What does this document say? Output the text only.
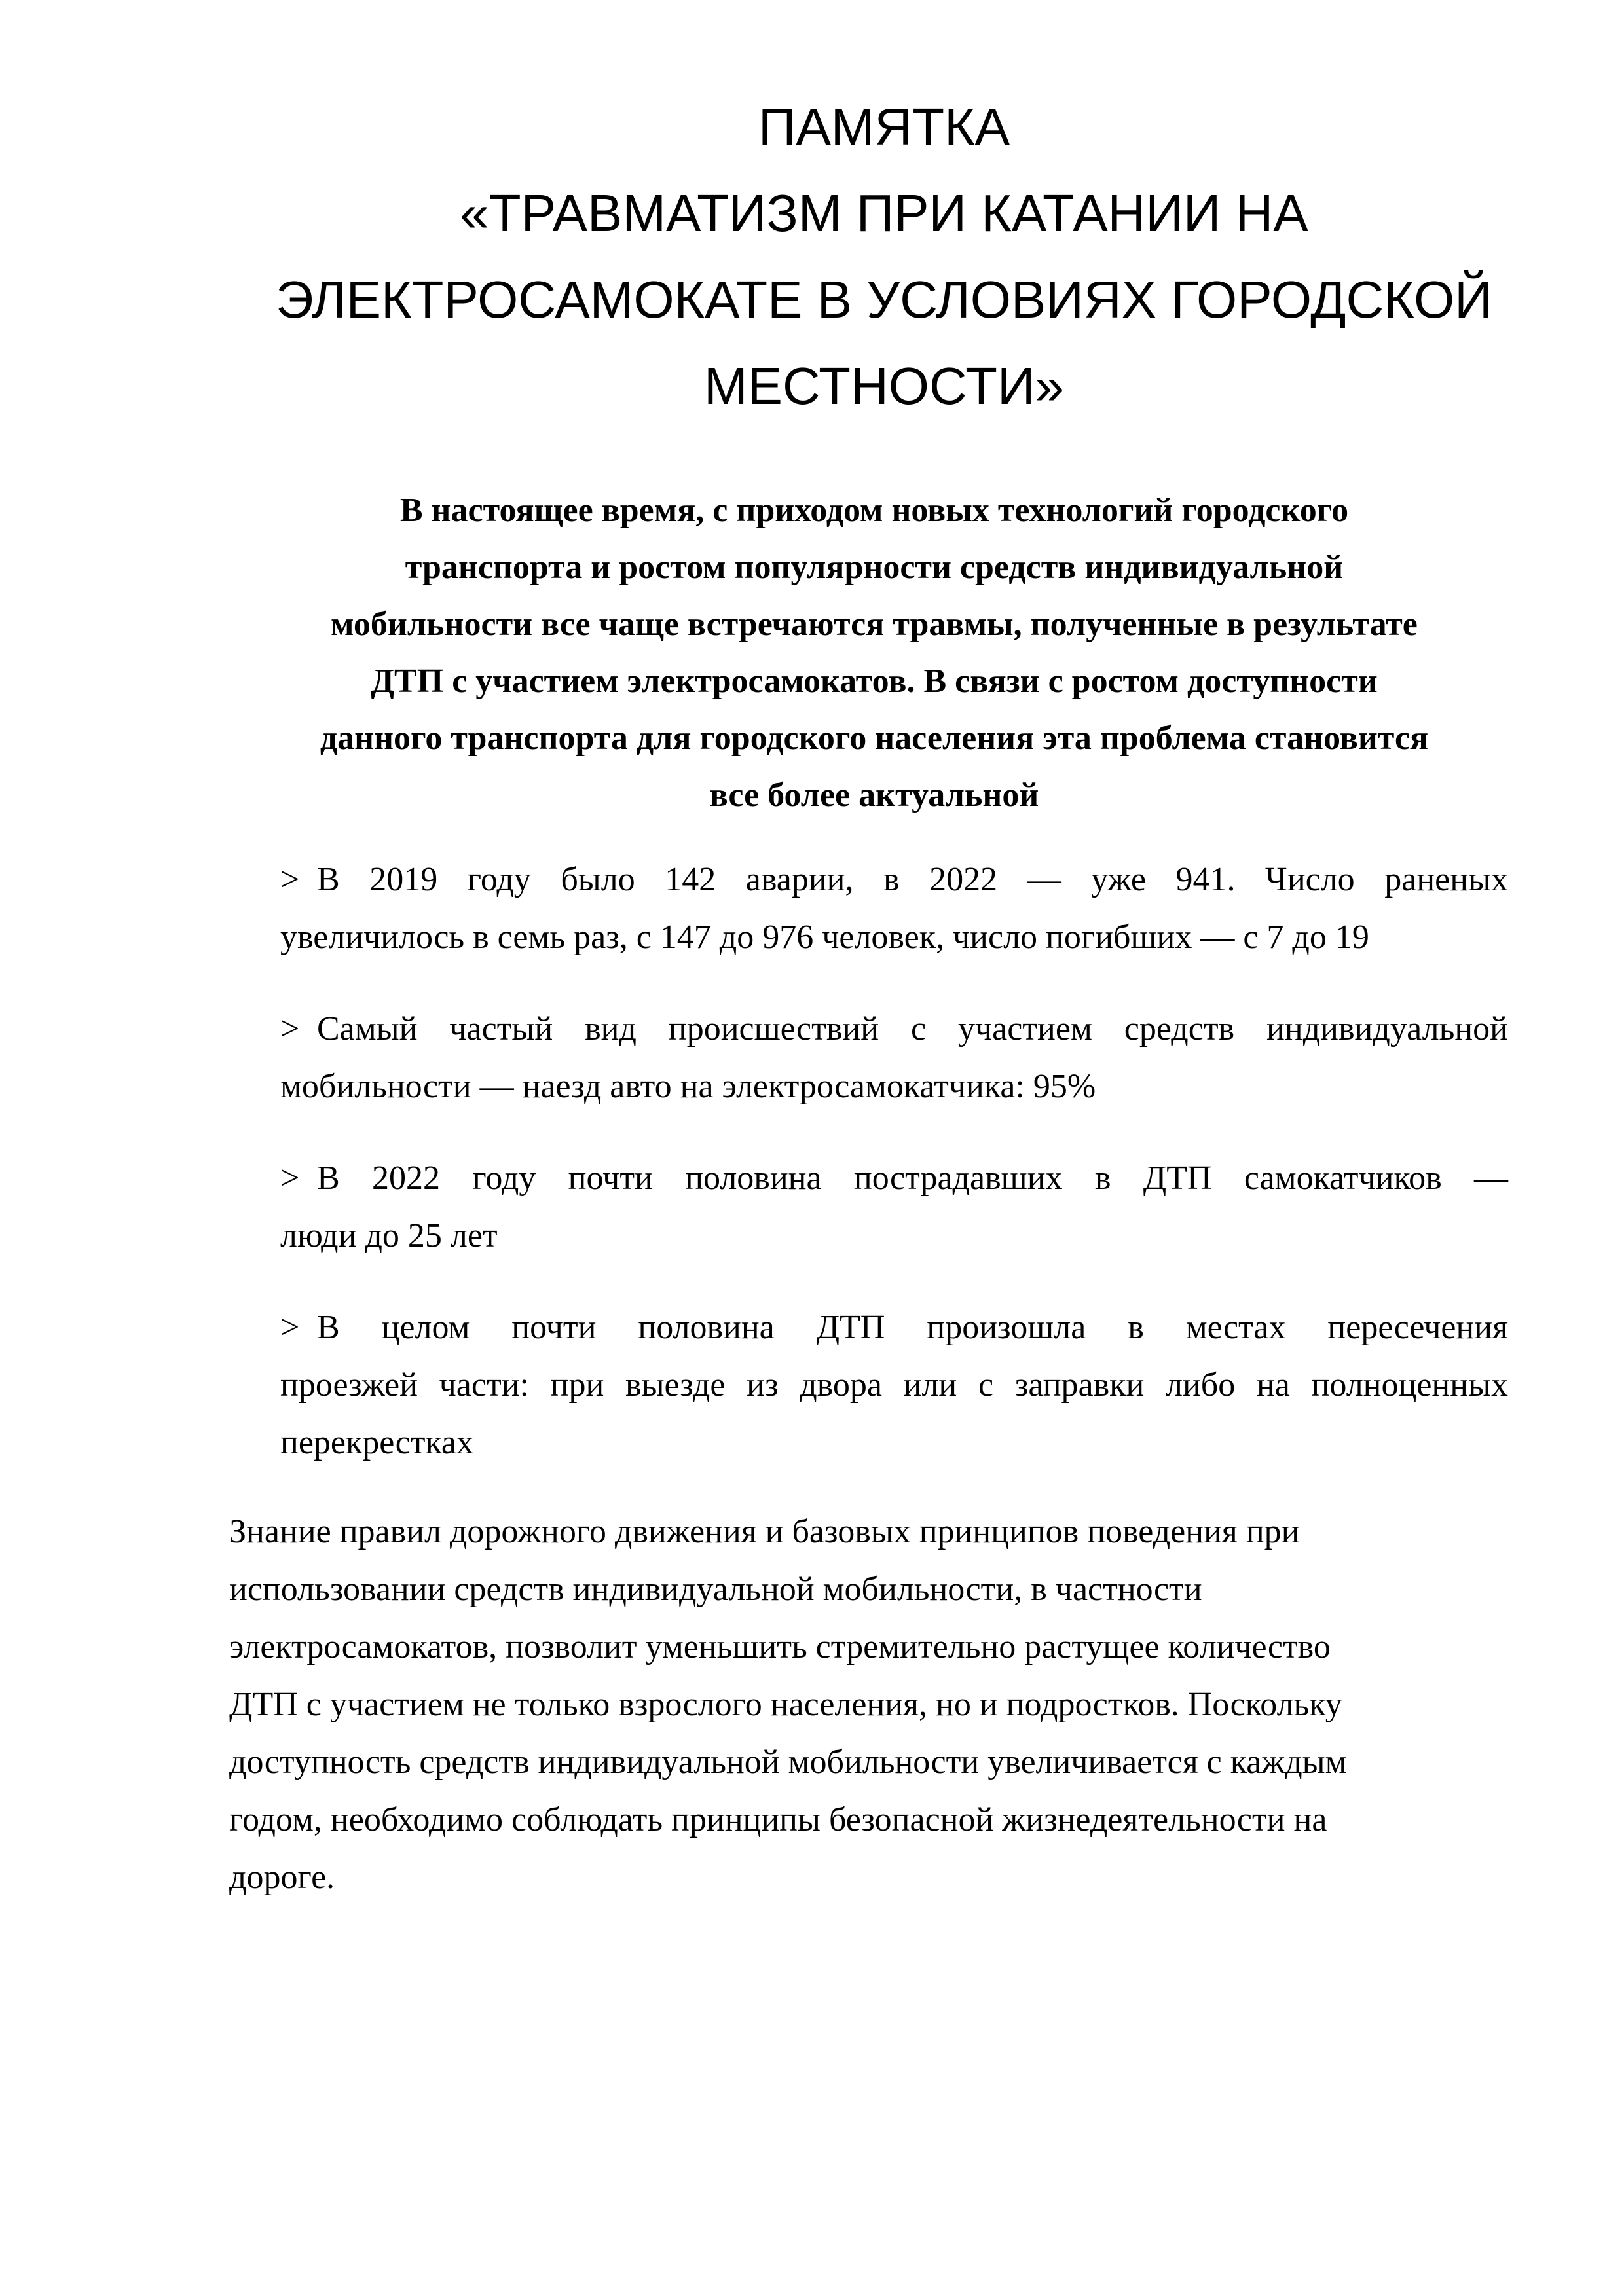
ПАМЯТКА
«ТРАВМАТИЗМ ПРИ КАТАНИИ НА
ЭЛЕКТРОСАМОКАТЕ В УСЛОВИЯХ ГОРОДСКОЙ
МЕСТНОСТИ»
В настоящее время, с приходом новых технологий городского
транспорта и ростом популярности средств индивидуальной
мобильности все чаще встречаются травмы, полученные в результате
ДТП с участием электросамокатов. В связи с ростом доступности
данного транспорта для городского населения эта проблема становится
все более актуальной
> В 2019 году было 142 аварии, в 2022 — уже 941. Число раненых
увеличилось в семь раз, с 147 до 976 человек, число погибших — с 7 до 19
> Самый частый вид происшествий с участием средств индивидуальной
мобильности — наезд авто на электросамокатчика: 95%
> В 2022 году почти половина пострадавших в ДТП самокатчиков —
люди до 25 лет
> В целом почти половина ДТП произошла в местах пересечения
проезжей части: при выезде из двора или с заправки либо на полноценных
перекрестках
Знание правил дорожного движения и базовых принципов поведения при
использовании средств индивидуальной мобильности, в частности
электросамокатов, позволит уменьшить стремительно растущее количество
ДТП с участием не только взрослого населения, но и подростков. Поскольку
доступность средств индивидуальной мобильности увеличивается с каждым
годом, необходимо соблюдать принципы безопасной жизнедеятельности на
дороге.
